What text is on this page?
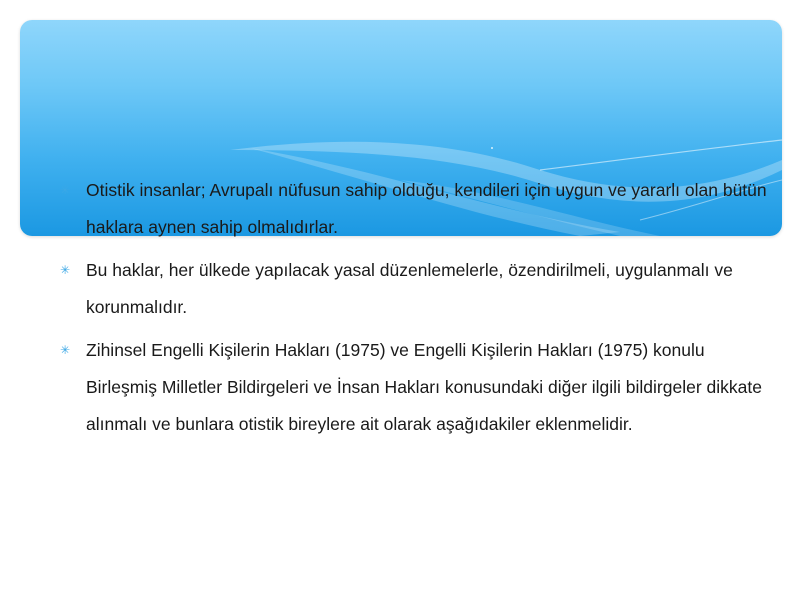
✳ Otistik insanlar; Avrupalı nüfusun sahip olduğu, kendileri için uygun ve yararlı olan bütün haklara aynen sahip olmalıdırlar.
✳ Bu haklar, her ülkede yapılacak yasal düzenlemelerle, özendirilmeli, uygulanmalı ve korunmalıdır.
✳ Zihinsel Engelli Kişilerin Hakları (1975) ve Engelli Kişilerin Hakları (1975) konulu Birleşmiş Milletler Bildirgeleri ve İnsan Hakları konusundaki diğer ilgili bildirgeler dikkate alınmalı ve bunlara otistik bireylere ait olarak aşağıdakiler eklenmelidir.
